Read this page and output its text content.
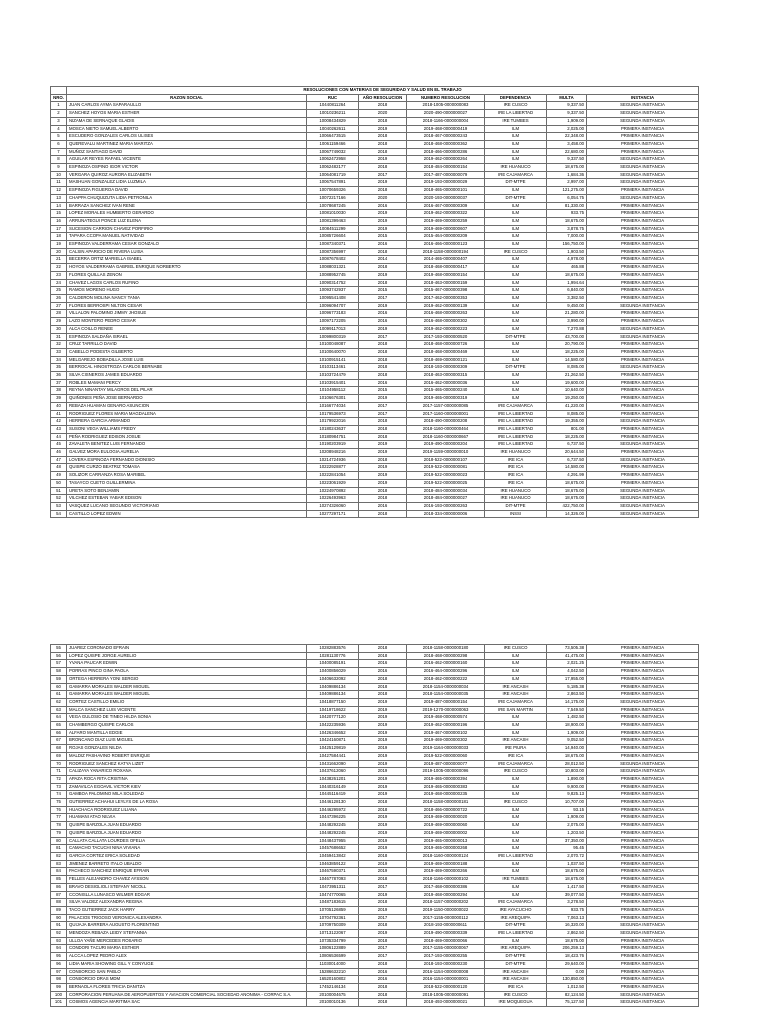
	RESOLUCIONES CON MATERIAS DE SEGURIDAD Y SALUD EN EL TRABAJO						
NRO.	RAZON SOCIAL	RUC	AÑO RESOLUCION	NUMERO RESOLUCION	DEPENDENCIA	MULTA	INSTANCIA
1	JUAN CARLOS AYMA SAPARAULLO	10440811264	2018	2018-1005-0000000083	IRE CUSCO	9,337.50	SEGUNDA INSTANCIA
2	SANCHEZ HOYOS MARIA ESTHER	10010236211	2020	2020-490-0000000027	IRE LA LIBERTAD	9,337.50	SEGUNDA INSTANCIA
3	NIZAMA DE SERNAQUE GLADIS	10008434829	2018	2018-1166-0000000004	IRE TUMBES	1,909.00	SEGUNDA INSTANCIA
4	MOSCA NIETO SAMUEL ALBERTO	10040262611	2019	2019-468-0000000419	ILM	2,025.00	PRIMERA INSTANCIA
5	ESCUDERO GONZALES CARLOS ULISES	10066473515	2018	2018-467-0000000243	ILM	22,348.00	PRIMERA INSTANCIA
6	QUEREVALU MARTINEZ MARIA MARITZA	10061159466	2018	2018-468-0000000362	ILM	3,458.00	PRIMERA INSTANCIA
7	MUÑOZ SANTIAGO DAVID	10067749032	2018	2018-466-0000000286	ILM	22,680.00	PRIMERA INSTANCIA
8	AGUILAR REYES RAFAEL VICENTE	10062472958	2019	2019-462-0000000264	ILM	9,337.50	SEGUNDA INSTANCIA
9	ESPINOZA OSPINO IGOR VICTOR	10062482177	2018	2018-484-0000000154	IRE HUANUCO	18,675.00	SEGUNDA INSTANCIA
10	VERGARA QUIROZ AURORA ELIZABETH	10064081719	2017	2017-487-0000000079	IRE CAJAMARCA	1,684.36	SEGUNDA INSTANCIA
11	MASHUAN GONZALEZ LIDIA LUZMILA	10067547891	2019	2019-193-0000000029	DIT-MTPE	2,997.00	SEGUNDA INSTANCIA
12	ESPINOZA FIGUEROA DAVID	10070659326	2018	2018-465-0000000101	ILM	121,275.00	PRIMERA INSTANCIA
13	CHAPPA CHUQUIZUTA LIDIA PETRONILA	10072217166	2020	2020-193-0000000037	DIT-MTPE	6,054.75	SEGUNDA INSTANCIA
14	BARRAZA SANCHEZ IVAN RENE	10078687245	2016	2016-467-0000000309	ILM	81,330.00	PRIMERA INSTANCIA
15	LOPEZ MORALES HUMBERTO GERARDO	10081010030	2019	2019-462-0000000322	ILM	933.75	PRIMERA INSTANCIA
16	ARRUNATEGUI PONCE LUZ ELENA	10081399463	2019	2019-469-0000000259	ILM	18,675.00	PRIMERA INSTANCIA
17	SUCESION CARRION CHAVEZ PORFIRIO	10084511299	2019	2019-469-0000000607	ILM	3,878.75	PRIMERA INSTANCIA
18	TAPARA CCOPA MANUEL NATIVIDAD	10085726604	2015	2015-464-0000000209	ILM	7,000.00	PRIMERA INSTANCIA
19	ESPINOZA VALDERRAMA CESAR GONZALO	10087340371	2016	2016-466-0000000123	ILM	156,750.00	PRIMERA INSTANCIA
20	CALSIN APARICIO DE RIVERA LUISA	10087356997	2018	2018-1158-0000000194	IRE CUSCO	1,903.50	PRIMERA INSTANCIA
21	BECERRA ORTIZ MARIELLA ISABEL	10087678402	2014	2014-465-0000000407	ILM	4,978.00	PRIMERA INSTANCIA
22	HOYOS VALDERRAMA GABRIEL ENRIQUE NORBERTO	10088031321	2018	2018-468-0000000417	ILM	465.88	PRIMERA INSTANCIA
23	FLORES QUILLAS ZENON	10088952745	2019	2019-468-0000000154	ILM	18,675.00	PRIMERA INSTANCIA
24	CHAVEZ LAGOS CARLOS RUFINO	10090314752	2018	2018-463-0000000159	ILM	1,994.64	PRIMERA INSTANCIA
25	RAMOS MORENO HUGO	10093742937	2015	2015-467-0000000398	ILM	6,840.00	PRIMERA INSTANCIA
26	CALDERON MOLINA NANCY TANIA	10095541408	2017	2017-462-0000000353	ILM	3,382.50	PRIMERA INSTANCIA
27	FLORES BERROSPI NILTON CESAR	10096094707	2019	2019-462-0000000139	ILM	9,450.00	SEGUNDA INSTANCIA
28	VILLALON PALOMINO JIMMY JHOSUE	10096773183	2016	2016-468-0000000263	ILM	21,280.00	PRIMERA INSTANCIA
29	LAZO MONTERO PEDRO CESAR	10097172205	2016	2016-468-0000000302	ILM	3,990.00	PRIMERA INSTANCIA
30	ALCA COILLO RENEE	10099117013	2019	2019-462-0000000223	ILM	7,270.88	SEGUNDA INSTANCIA
31	ESPINOZA SALDAÑA ISRAEL	10099800319	2017	2017-193-0000000520	DIT-MTPE	43,700.00	SEGUNDA INSTANCIA
32	CRUZ TARRILLO DAVID	10100048087	2018	2018-468-0000000726	ILM	20,790.00	PRIMERA INSTANCIA
33	CABELLO PODESTA GILBERTO	10100640070	2018	2018-468-0000000469	ILM	18,225.00	PRIMERA INSTANCIA
34	MELGAREJO BOBADILLA JOSE LUIS	10100915141	2018	2018-469-0000000121	ILM	14,580.00	PRIMERA INSTANCIA
35	BERROCAL HINOSTROZA CARLOS BERNABE	10103113461	2018	2018-193-0000000309	DIT-MTPE	8,085.00	SEGUNDA INSTANCIA
36	SILVA CISNEROS JAMES EDUARDO	10103724479	2018	2018-463-0000000315	ILM	21,262.50	PRIMERA INSTANCIA
37	ROBLES MAMANI PERCY	10103915401	2016	2016-462-0000000036	ILM	19,600.00	PRIMERA INSTANCIA
38	REYNA NINANTAY MILAGROS DEL PILAR	10104958112	2015	2015-465-0000000240	ILM	10,640.00	PRIMERA INSTANCIA
39	QUIÑONES PEÑA JOSE BERNARDO	10106676301	2019	2019-465-0000000319	ILM	19,250.00	PRIMERA INSTANCIA
40	REBAZA HUAMAN GENARO ASUNCION	10166774034	2017	2017-1157-0000000085	IRE CAJAMARCA	41,220.00	PRIMERA INSTANCIA
41	RODRIGUEZ FLORES MARIA MAGDALENA	10179536973	2017	2017-1160-0000000001	IRE LA LIBERTAD	8,085.00	PRIMERA INSTANCIA
42	HERRERA GARCIA ARMANDO	10179922016	2018	2018-490-0000000208	IRE LA LIBERTAD	19,355.00	SEGUNDA INSTANCIA
43	SUSONI VEGA WILLIAMS FREDY	10180243637	2018	2018-1160-0000000464	IRE LA LIBERTAD	801.00	PRIMERA INSTANCIA
44	PEÑA RODRIGUEZ EDISON JOSUE	10180984751	2018	2018-1160-0000000667	IRE LA LIBERTAD	18,225.00	PRIMERA INSTANCIA
45	ZAVALETA BENITEZ LUIS FERNANDO	10190203919	2019	2019-490-0000000204	IRE LA LIBERTAD	6,737.50	SEGUNDA INSTANCIA
46	GALVEZ MORA EULOGIA AURELIA	10208948216	2019	2019-1159-0000000010	IRE HUANUCO	20,644.50	PRIMERA INSTANCIA
47	LOVERA ESPINOZA FERNANDO DIONISIO	10214724936	2018	2018-522-0000000107	IRE ICA	6,737.50	SEGUNDA INSTANCIA
48	QUISPE CURZO BEATRIZ TOMASA	10222928877	2019	2019-522-0000000081	IRE ICA	14,580.00	PRIMERA INSTANCIA
49	SOLIZOR CARRANZA ROSA MARIBEL	10222841054	2019	2019-522-0000000023	IRE ICA	4,291.99	PRIMERA INSTANCIA
50	TASAYCO CUETO GUILLERMINA	10223061929	2019	2019-522-0000000025	IRE ICA	18,675.00	PRIMERA INSTANCIA
51	URETA SOTO BENJAMIN	10224970892	2018	2018-484-0000000034	IRE HUANUCO	18,675.00	SEGUNDA INSTANCIA
52	VILCHEZ ESTEBAN YABAR EDISON	10226493963	2018	2018-484-0000000027	IRE HUANUCO	18,675.00	SEGUNDA INSTANCIA
53	VASQUEZ LUCANO SEGUNDO VICTORIANO	10274326060	2016	2016-193-0000000263	DIT-MTPE	422,750.00	SEGUNDA INSTANCIA
54	CASTILLO LOPEZ EDWIN	10277297171	2018	2018-334-0000000006	INSSI	14,326.00	SEGUNDA INSTANCIA
55	JUAREZ CORONADO EFRAIN	10282883576	2018	2018-1158-0000000180	IRE CUSCO	73,505.38	PRIMERA INSTANCIA
56	LOPEZ QUISPE JORGE AURELIO	10281130776	2018	2018-468-0000000298	ILM	41,475.00	PRIMERA INSTANCIA
57	YVANA PAUCAR EDWIN	10400085191	2016	2016-462-0000000160	ILM	2,021.25	PRIMERA INSTANCIA
58	PORRAS PINCO GINA PAOLA	10400856029	2016	2016-464-0000000296	ILM	4,042.50	PRIMERA INSTANCIA
59	ORTEGA HERRERA YONI SERGIO	10406632092	2018	2018-462-0000000222	ILM	17,955.00	PRIMERA INSTANCIA
60	GAMARRA MORALES WALDER MIGUEL	10409886134	2018	2018-1154-0000000034	IRE ANCASH	5,185.38	PRIMERA INSTANCIA
61	GAMARRA MORALES WALDER MIGUEL	10409886134	2018	2018-1154-0000000035	IRE ANCASH	2,863.50	PRIMERA INSTANCIA
62	CORTEZ CASTILLO EMILIO	10418877150	2019	2019-487-0000000154	IRE CAJAMARCA	14,175.00	SEGUNDA INSTANCIA
63	MALCA SANCHEZ LUIS VICENTE	10419718622	2019	2019-1270-0000000063	IRE SAN MARTIN	7,549.50	PRIMERA INSTANCIA
64	VEGA GULOSIO DE TINEO HILDA SONIA	10420777120	2019	2019-468-0000000574	ILM	1,482.50	PRIMERA INSTANCIA
65	CHAMBERGO QUISPE CARLOS	10422235936	2019	2019-462-0000000196	ILM	18,900.00	PRIMERA INSTANCIA
66	ALFARO MANTILLA EDGIE	10426346652	2019	2019-467-0000000102	ILM	1,909.00	PRIMERA INSTANCIA
67	BRONCANO DIAZ LUIS MIGUEL	10424160871	2019	2019-469-0000000302	IRE ANCASH	9,052.50	PRIMERA INSTANCIA
68	ROJAS GONZALES NILDA	10425129819	2019	2019-1164-0000000033	IRE PIURA	14,940.00	PRIMERA INSTANCIA
69	MALDIZ PASHAVINO ROBERT ENRIQUE	10427584441	2019	2019-522-0000000060	IRE ICA	18,675.00	PRIMERA INSTANCIA
70	RODRIGUEZ SANCHEZ KATYA LIZET	10431662090	2019	2019-487-0000000077	IRE CAJAMARCA	28,012.50	SEGUNDA INSTANCIA
71	CALIZAYA YANARICO ROXANA	10437612060	2019	2019-1005-0000000096	IRE CUSCO	10,803.00	SEGUNDA INSTANCIA
72	APAZA ROCA RITA CRISTINA	10438261201	2019	2019-465-0000000394	ILM	1,890.00	PRIMERA INSTANCIA
73	ZAMAVILCA EGOAVIL VICTOR KIEV	10440316149	2019	2019-465-0000000383	ILM	9,900.00	PRIMERA INSTANCIA
74	GAMBOA PALOMINO MILA SOLEDAD	10445116419	2019	2019-468-0000000235	ILM	9,825.13	PRIMERA INSTANCIA
75	GUTIERREZ ACHAHUI LEYLYS DE LA ROSA	10446128130	2018	2018-1158-0000000181	IRE CUSCO	10,707.00	PRIMERA INSTANCIA
76	HUACHACA RODRIGUEZ LILIANA	10446295972	2018	2018-466-0000000722	ILM	93.15	PRIMERA INSTANCIA
77	HUAMANI ATAO NILVIA	10447396225	2019	2019-469-0000000020	ILM	1,909.00	PRIMERA INSTANCIA
78	QUISPE BARZOLA JUAN EDUARDO	10448292245	2019	2019-469-0000000060	ILM	2,075.00	PRIMERA INSTANCIA
79	QUISPE BARZOLA JUAN EDUARDO	10448292245	2019	2019-469-0000000002	ILM	1,203.50	PRIMERA INSTANCIA
80	CALLATA CALLATA LOURDES OFELIA	10448437955	2019	2019-465-0000000013	ILM	37,350.00	PRIMERA INSTANCIA
81	CAMACHO TACUCHI NINA VIVIANA	10457686652	2019	2019-465-0000000268	ILM	95.45	PRIMERA INSTANCIA
82	GARCIA CORTEZ ERICA SOLEDAD	10459413842	2018	2018-1160-0000000124	IRE LA LIBERTAD	2,070.72	PRIMERA INSTANCIA
83	JIMENEZ BARRETO ITALO UBALDO	10463859122	2019	2019-469-0000000188	ILM	1,037.50	PRIMERA INSTANCIA
84	PACHECO SANCHEZ ENRIQUE EFRAIN	10467590371	2019	2019-469-0000000266	ILM	18,675.00	PRIMERA INSTANCIA
85	FELLES ALEJANDRO CHAVEZ AYSSON	10467787093	2018	2018-1166-0000000102	IRE TUMBES	18,675.00	PRIMERA INSTANCIA
86	BRAVO DESIGLIOLI STEFANY NICOLL	10473951311	2017	2017-468-0000000386	ILM	1,417.50	PRIMERA INSTANCIA
87	CCONISLLA LUNASCO WILMER EDGAR	10474770065	2019	2019-468-0000000294	ILM	39,077.50	PRIMERA INSTANCIA
88	SILVA VALDEZ ALEXANDRA REGINA	10487183615	2018	2018-1157-0000000202	IRE CAJAMARCA	3,278.50	PRIMERA INSTANCIA
89	TACO GUTIERREZ JACK HARRY	10705126859	2019	2019-1150-0000000022	IRE AYACUCHO	933.75	PRIMERA INSTANCIA
90	PALACIOS TRIGOSO VERONICA ALEXANDRA	10704792361	2017	2017-1155-0000000112	IRE AREQUIPA	7,063.13	PRIMERA INSTANCIA
91	QUIJAJA BARRERA AUGUSTO FLORENTINO	10709750309	2018	2018-193-0000000611	DIT-MTPE	16,320.00	SEGUNDA INSTANCIA
92	MENDOZA REBAZA LEIDY STEFANNIA	10713122067	2019	2019-490-0000000339	IRE LA LIBERTAD	2,862.50	SEGUNDA INSTANCIA
93	ULLOA YAÑE MERCEDES ROSARIO	10735334799	2018	2018-469-0000000066	ILM	18,675.00	PRIMERA INSTANCIA
94	CONDORI TACURI MARIA ESTHER	10806122889	2017	2017-1155-0000000067	IRE AREQUIPA	206,259.13	PRIMERA INSTANCIA
95	ALCCA LOPEZ PEDRO ALEX	10806536599	2017	2017-193-0000000255	DIT-MTPE	18,423.76	PRIMERA INSTANCIA
96	LIDIA MARIA SHOWING GILL Y CONYUGE	11030014000	2018	2018-193-0000000230	DIT-MTPE	29,640.00	PRIMERA INSTANCIA
97	CONSORCIO SAN PABLO	15286632210	2016	2016-1154-0000000008	IRE ANCASH	0.00	PRIMERA INSTANCIA
98	CONSORCIO DRAS MDM	16520160802	2016	2016-1154-0000000001	IRE ANCASH	130,850.00	PRIMERA INSTANCIA
99	BERNAOLA FLORES TRICIA DANITZA	17452146134	2018	2018-522-0000000120	IRE ICA	1,012.50	PRIMERA INSTANCIA
100	CORPORACION PERUANA DE AEROPUERTOS Y AVIACION COMERCIAL SOCIEDAD ANONIMA - CORPAC S.A.	20100004675	2018	2018-1005-0000000091	IRE CUSCO	82,124.50	SEGUNDA INSTANCIA
101	COSMOS AGENCIA MARITIMA SAC	20100010136	2018	2018-493-0000000021	IRE MOQUEGUA	75,127.50	SEGUNDA INSTANCIA
